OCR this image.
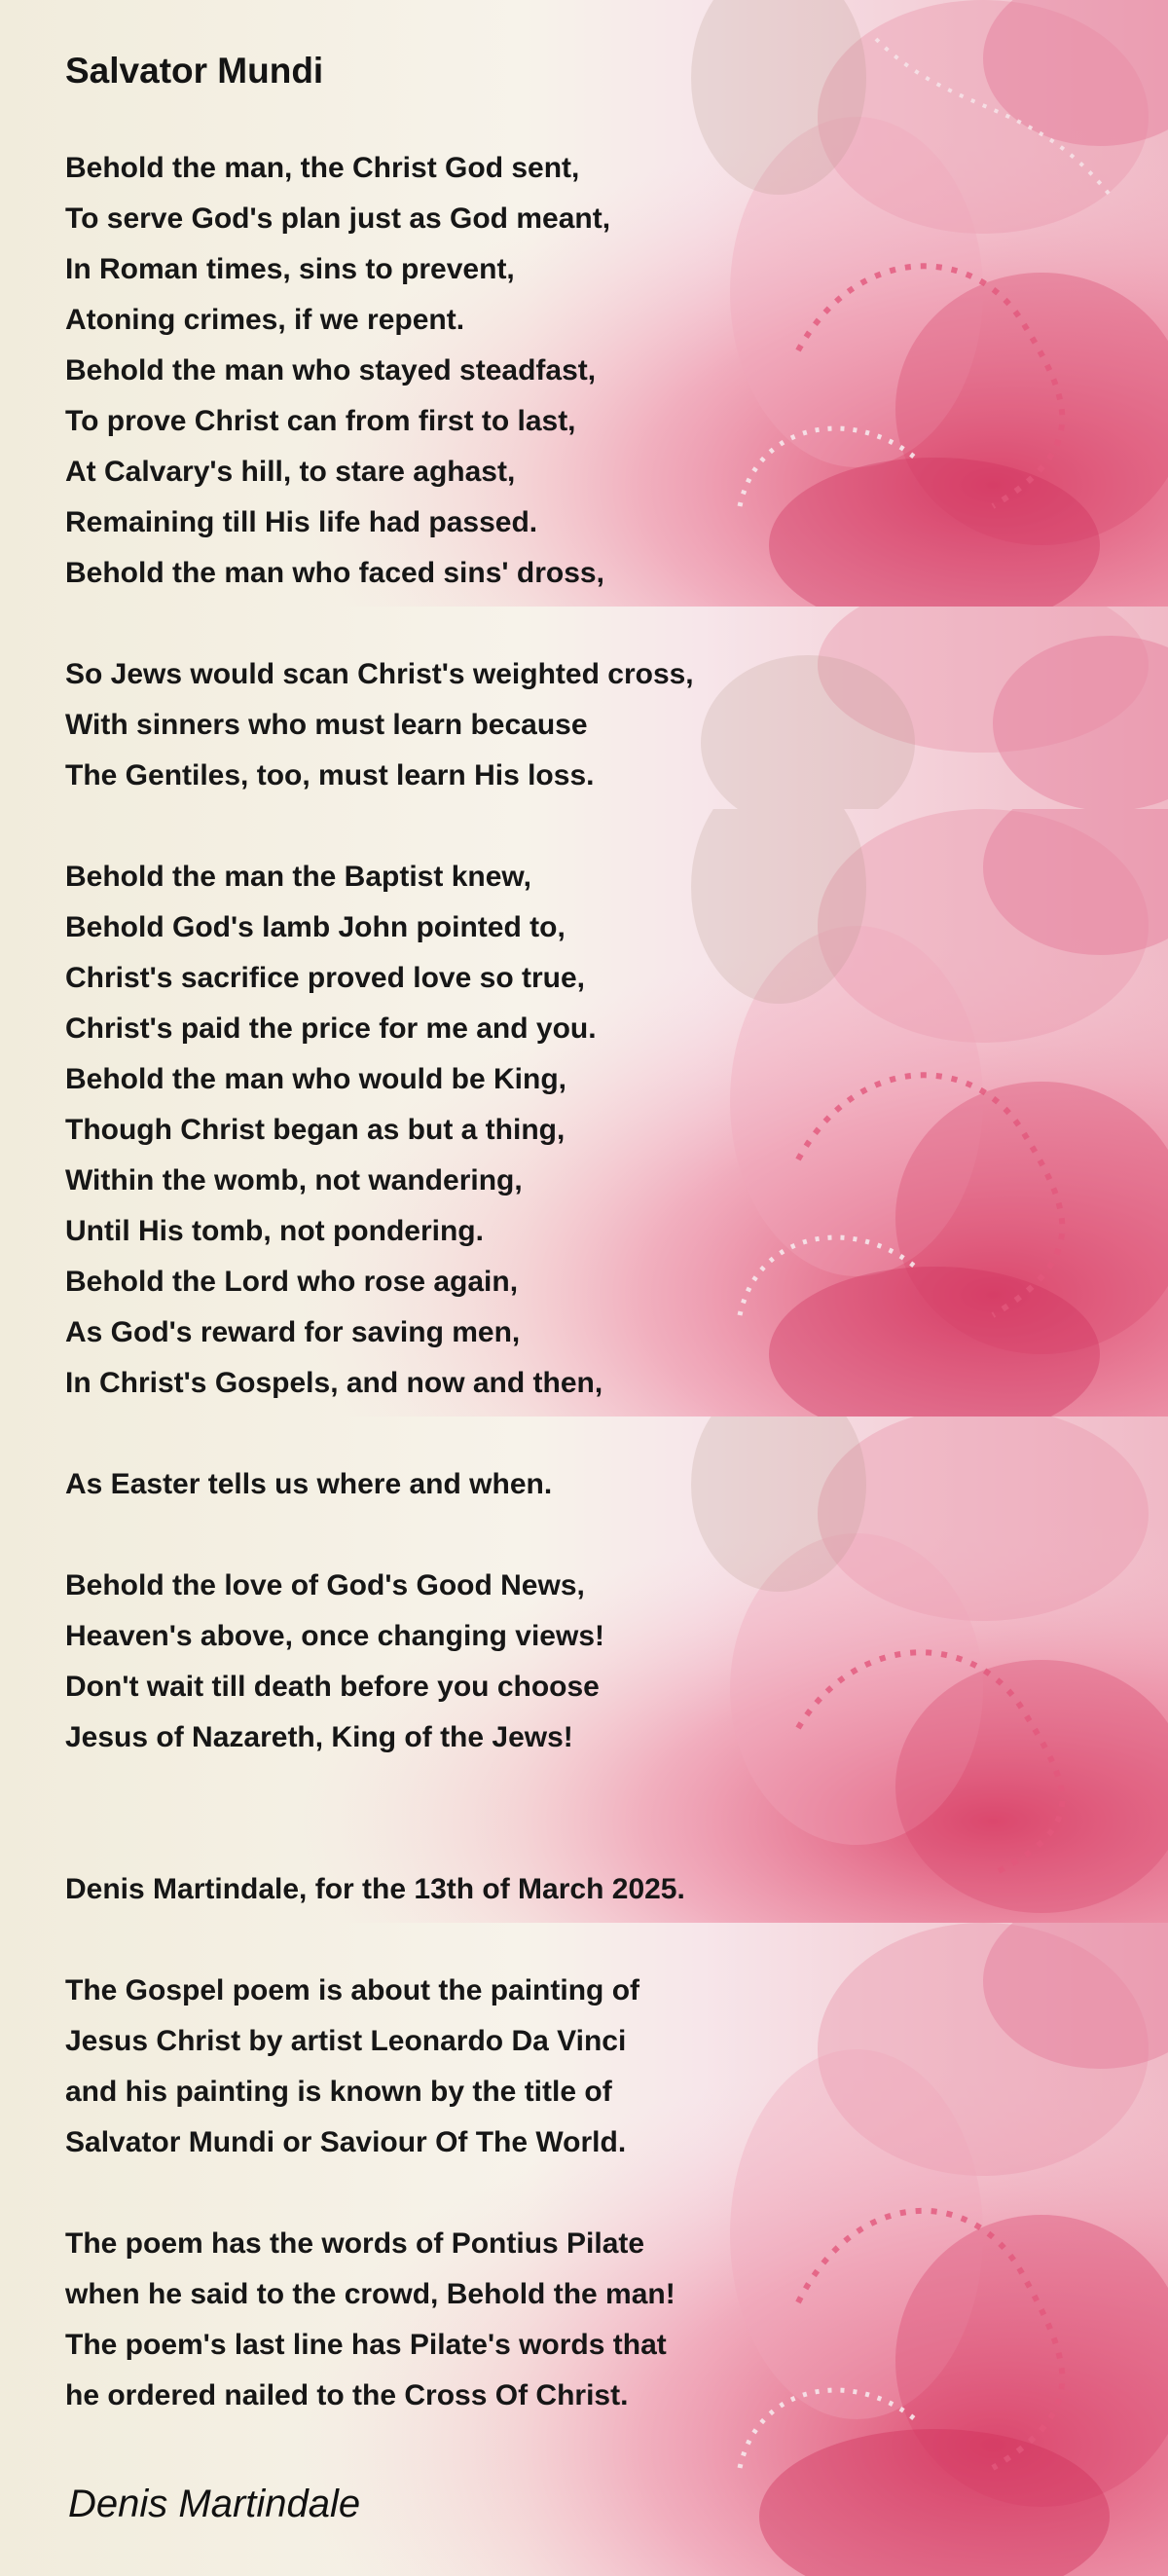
Salvator Mundi
Behold the man, the Christ God sent,
To serve God's plan just as God meant,
In Roman times, sins to prevent,
Atoning crimes, if we repent.
Behold the man who stayed steadfast,
To prove Christ can from first to last,
At Calvary's hill, to stare aghast,
Remaining till His life had passed.
Behold the man who faced sins' dross,
So Jews would scan Christ's weighted cross,
With sinners who must learn because
The Gentiles, too, must learn His loss.
Behold the man the Baptist knew,
Behold God's lamb John pointed to,
Christ's sacrifice proved love so true,
Christ's paid the price for me and you.
Behold the man who would be King,
Though Christ began as but a thing,
Within the womb, not wandering,
Until His tomb, not pondering.
Behold the Lord who rose again,
As God's reward for saving men,
In Christ's Gospels, and now and then,
As Easter tells us where and when.
Behold the love of God's Good News,
Heaven's above, once changing views!
Don't wait till death before you choose
Jesus of Nazareth, King of the Jews!
Denis Martindale, for the 13th of March 2025.
The Gospel poem is about the painting of
Jesus Christ by artist Leonardo Da Vinci
and his painting is known by the title of
Salvator Mundi or Saviour Of The World.
The poem has the words of Pontius Pilate
when he said to the crowd, Behold the man!
The poem's last line has Pilate's words that
he ordered nailed to the Cross Of Christ.
Denis Martindale
